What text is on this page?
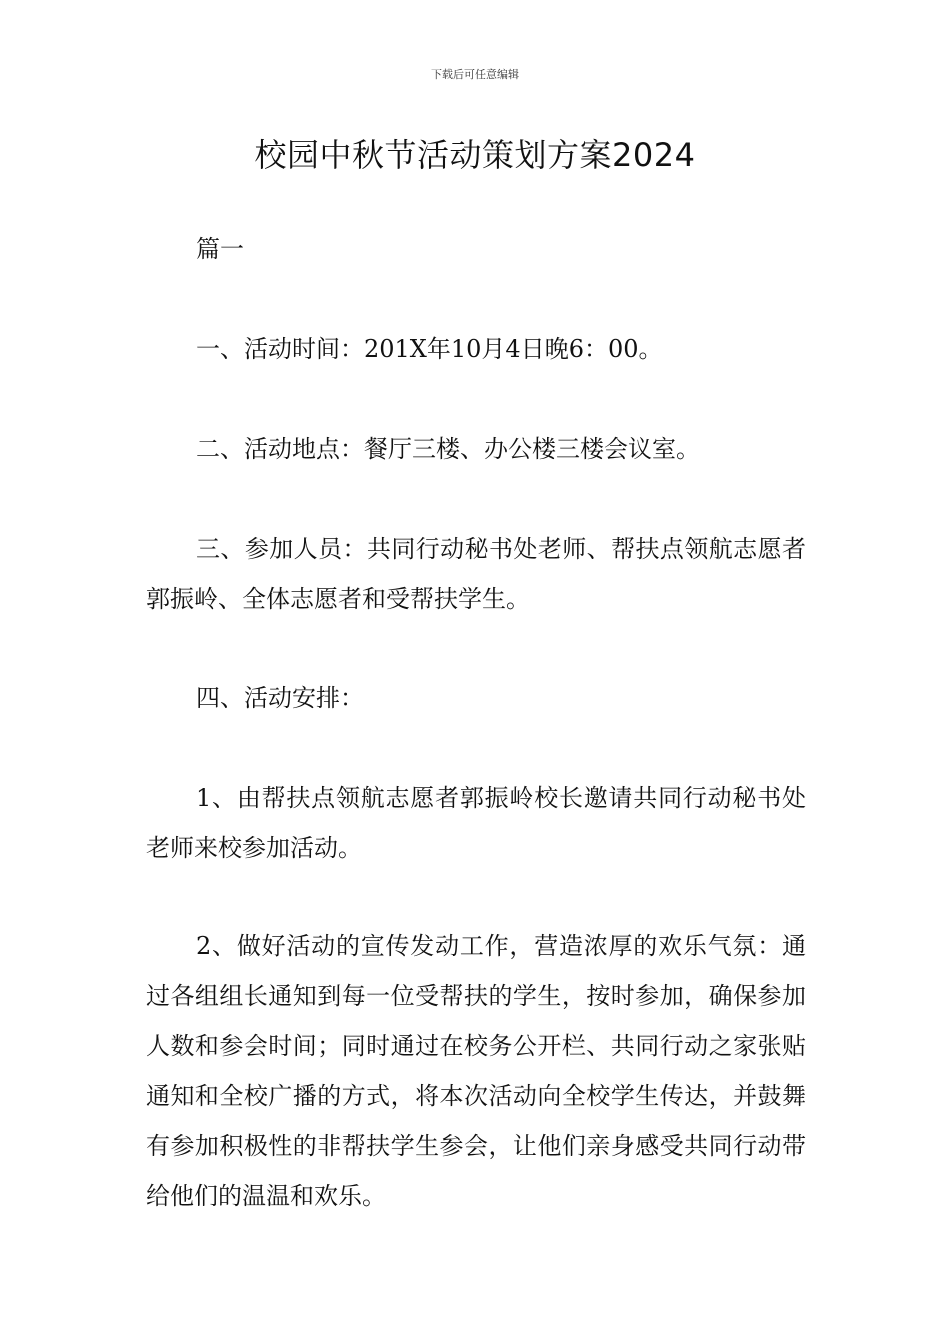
下载后可任意编辑
校园中秋节活动策划方案2024

篇一

一、活动时间：201X年10月4日晚6：00。

二、活动地点：餐厅三楼、办公楼三楼会议室。

三、参加人员：共同行动秘书处老师、帮扶点领航志愿者郭振岭、全体志愿者和受帮扶学生。

四、活动安排：

1、由帮扶点领航志愿者郭振岭校长邀请共同行动秘书处老师来校参加活动。

2、做好活动的宣传发动工作，营造浓厚的欢乐气氛：通过各组组长通知到每一位受帮扶的学生，按时参加，确保参加人数和参会时间；同时通过在校务公开栏、共同行动之家张贴通知和全校广播的方式，将本次活动向全校学生传达，并鼓舞有参加积极性的非帮扶学生参会，让他们亲身感受共同行动带给他们的温温和欢乐。
